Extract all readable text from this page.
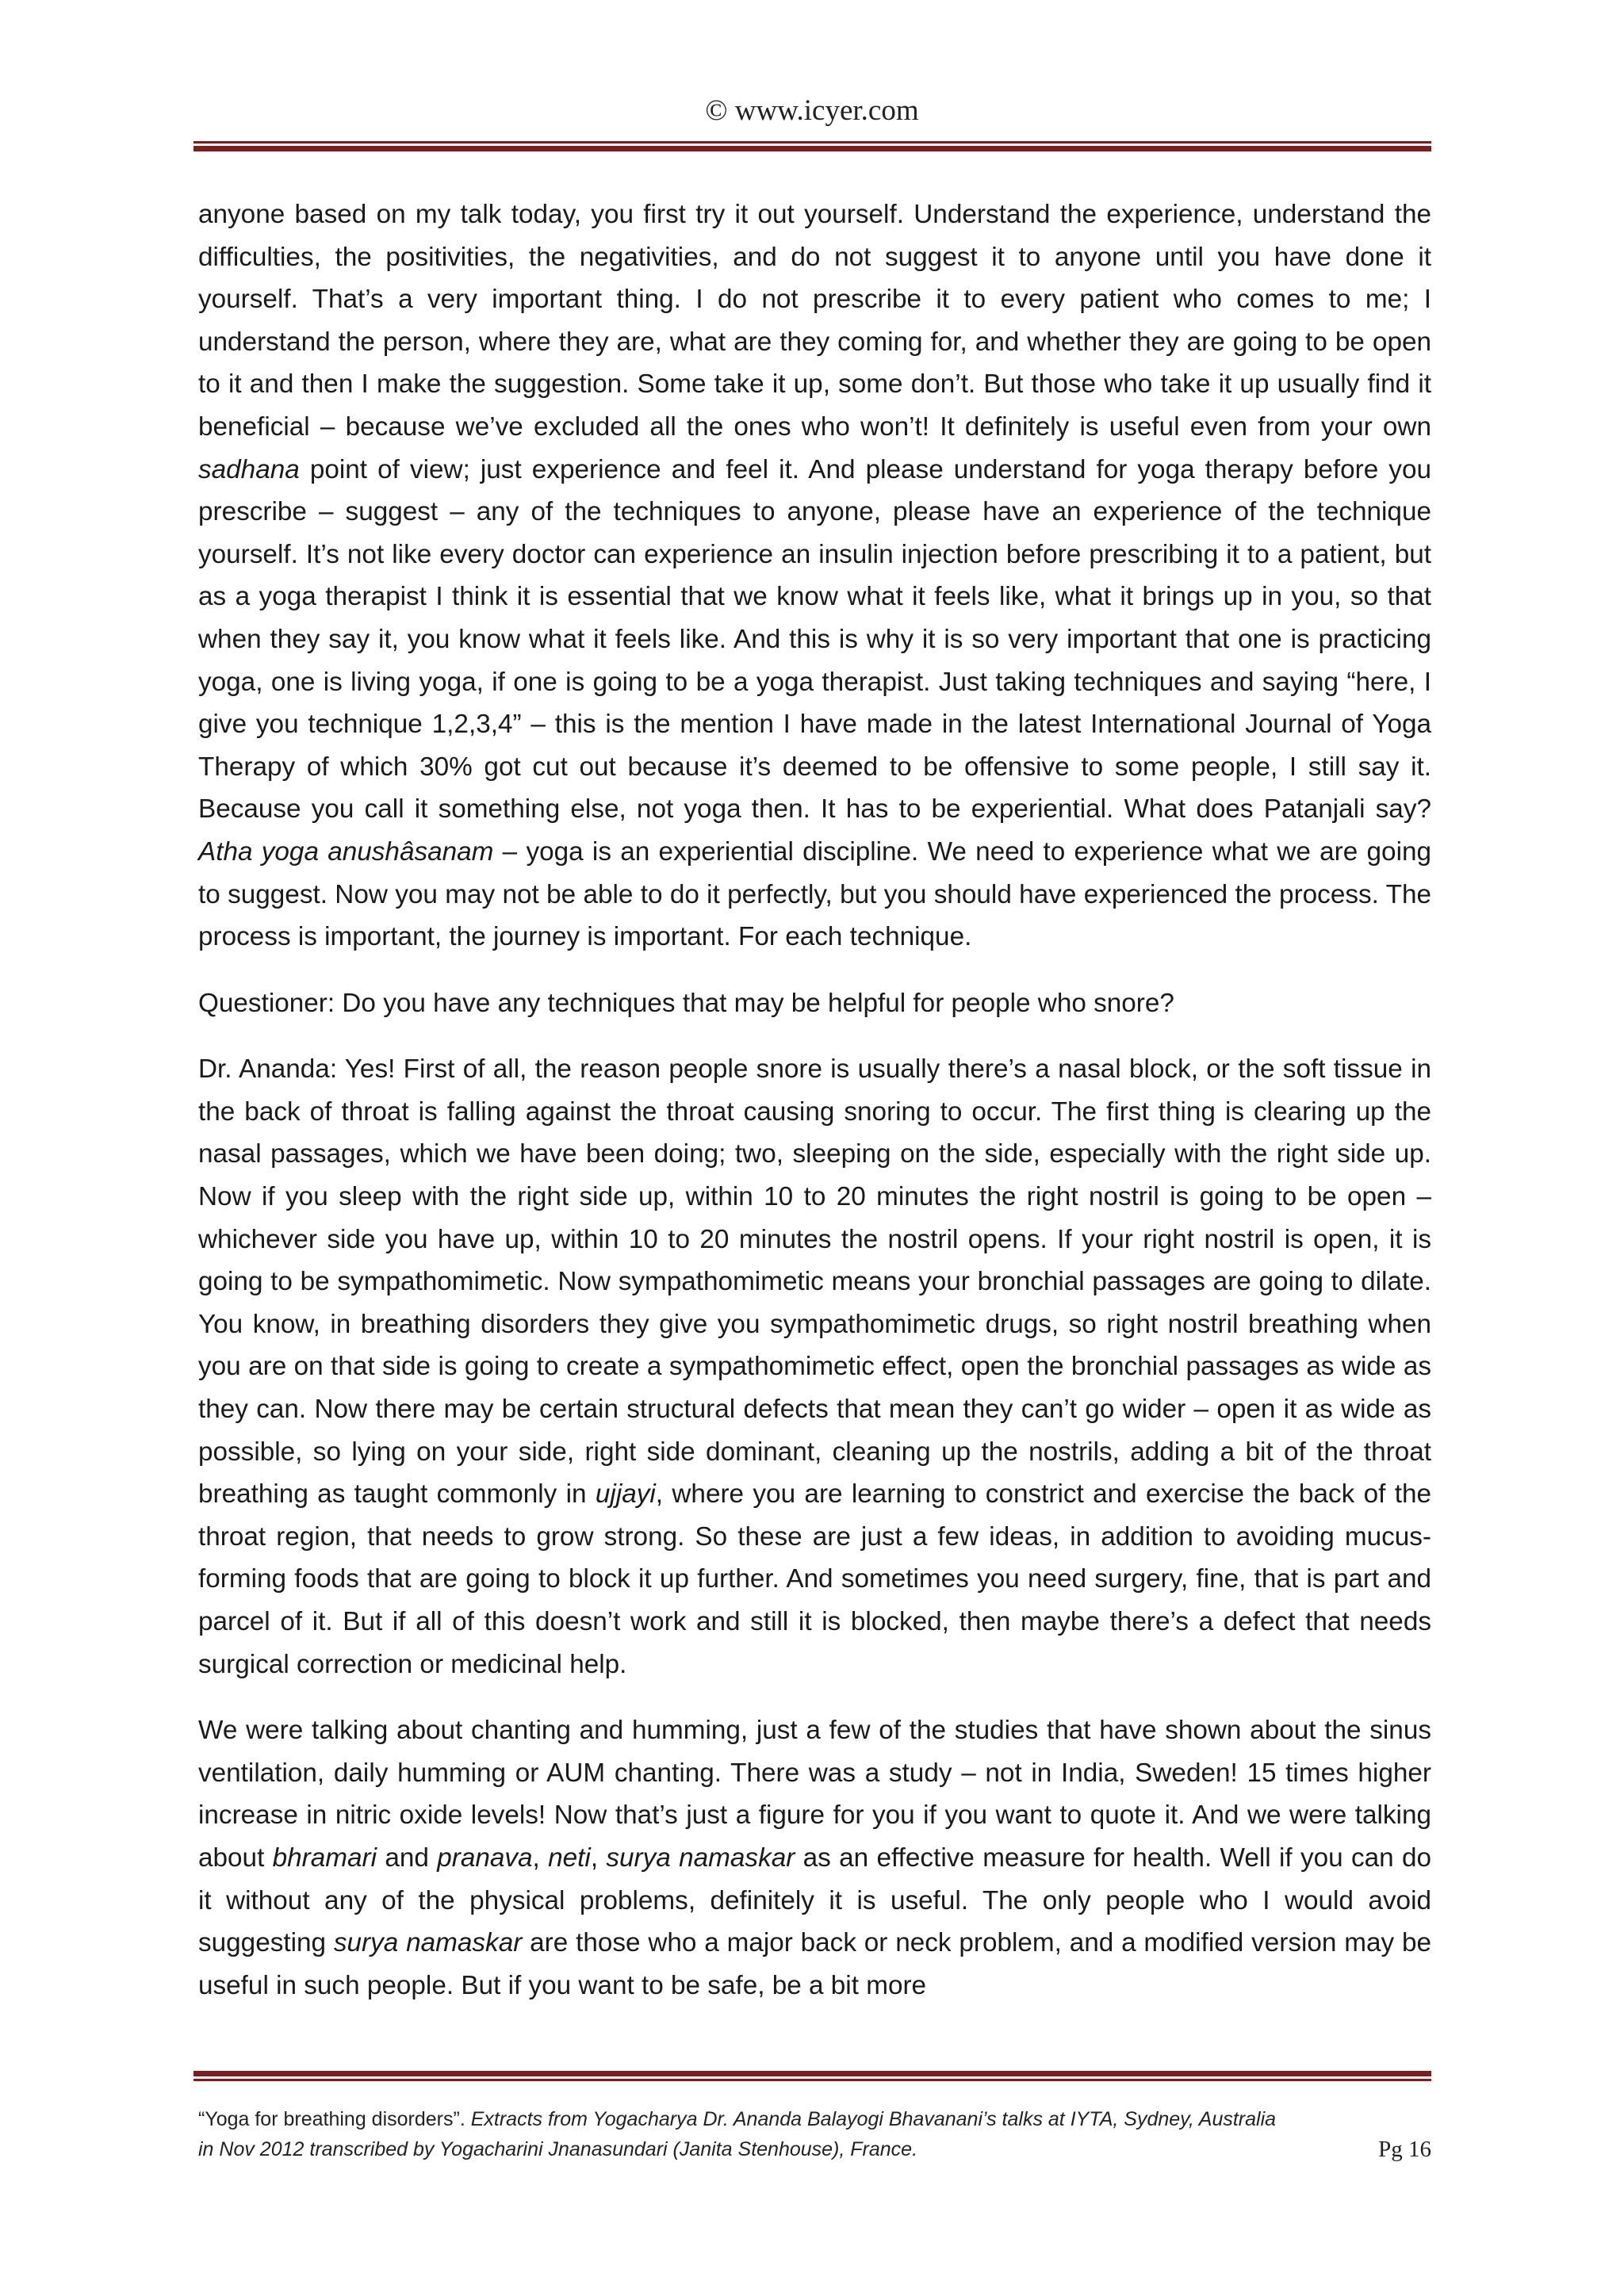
© www.icyer.com

anyone based on my talk today, you first try it out yourself. Understand the experience, understand the difficulties, the positivities, the negativities, and do not suggest it to anyone until you have done it yourself. That’s a very important thing. I do not prescribe it to every patient who comes to me; I understand the person, where they are, what are they coming for, and whether they are going to be open to it and then I make the suggestion. Some take it up, some don’t. But those who take it up usually find it beneficial – because we’ve excluded all the ones who won’t! It definitely is useful even from your own sadhana point of view; just experience and feel it. And please understand for yoga therapy before you prescribe – suggest – any of the techniques to anyone, please have an experience of the technique yourself. It’s not like every doctor can experience an insulin injection before prescribing it to a patient, but as a yoga therapist I think it is essential that we know what it feels like, what it brings up in you, so that when they say it, you know what it feels like. And this is why it is so very important that one is practicing yoga, one is living yoga, if one is going to be a yoga therapist. Just taking techniques and saying “here, I give you technique 1,2,3,4” – this is the mention I have made in the latest International Journal of Yoga Therapy of which 30% got cut out because it’s deemed to be offensive to some people, I still say it. Because you call it something else, not yoga then. It has to be experiential. What does Patanjali say? Atha yoga anushâsanam – yoga is an experiential discipline. We need to experience what we are going to suggest. Now you may not be able to do it perfectly, but you should have experienced the process. The process is important, the journey is important. For each technique.

Questioner: Do you have any techniques that may be helpful for people who snore?

Dr. Ananda: Yes! First of all, the reason people snore is usually there’s a nasal block, or the soft tissue in the back of throat is falling against the throat causing snoring to occur. The first thing is clearing up the nasal passages, which we have been doing; two, sleeping on the side, especially with the right side up. Now if you sleep with the right side up, within 10 to 20 minutes the right nostril is going to be open – whichever side you have up, within 10 to 20 minutes the nostril opens. If your right nostril is open, it is going to be sympathomimetic. Now sympathomimetic means your bronchial passages are going to dilate. You know, in breathing disorders they give you sympathomimetic drugs, so right nostril breathing when you are on that side is going to create a sympathomimetic effect, open the bronchial passages as wide as they can. Now there may be certain structural defects that mean they can’t go wider – open it as wide as possible, so lying on your side, right side dominant, cleaning up the nostrils, adding a bit of the throat breathing as taught commonly in ujjayi, where you are learning to constrict and exercise the back of the throat region, that needs to grow strong. So these are just a few ideas, in addition to avoiding mucus-forming foods that are going to block it up further. And sometimes you need surgery, fine, that is part and parcel of it. But if all of this doesn’t work and still it is blocked, then maybe there’s a defect that needs surgical correction or medicinal help.

We were talking about chanting and humming, just a few of the studies that have shown about the sinus ventilation, daily humming or AUM chanting. There was a study – not in India, Sweden! 15 times higher increase in nitric oxide levels! Now that’s just a figure for you if you want to quote it. And we were talking about bhramari and pranava, neti, surya namaskar as an effective measure for health. Well if you can do it without any of the physical problems, definitely it is useful. The only people who I would avoid suggesting surya namaskar are those who a major back or neck problem, and a modified version may be useful in such people. But if you want to be safe, be a bit more

“Yoga for breathing disorders”. Extracts from Yogacharya Dr. Ananda Balayogi Bhavanani’s talks at IYTA, Sydney, Australia
in Nov 2012 transcribed by Yogacharini Jnanasundari (Janita Stenhouse), France.	Pg 16
